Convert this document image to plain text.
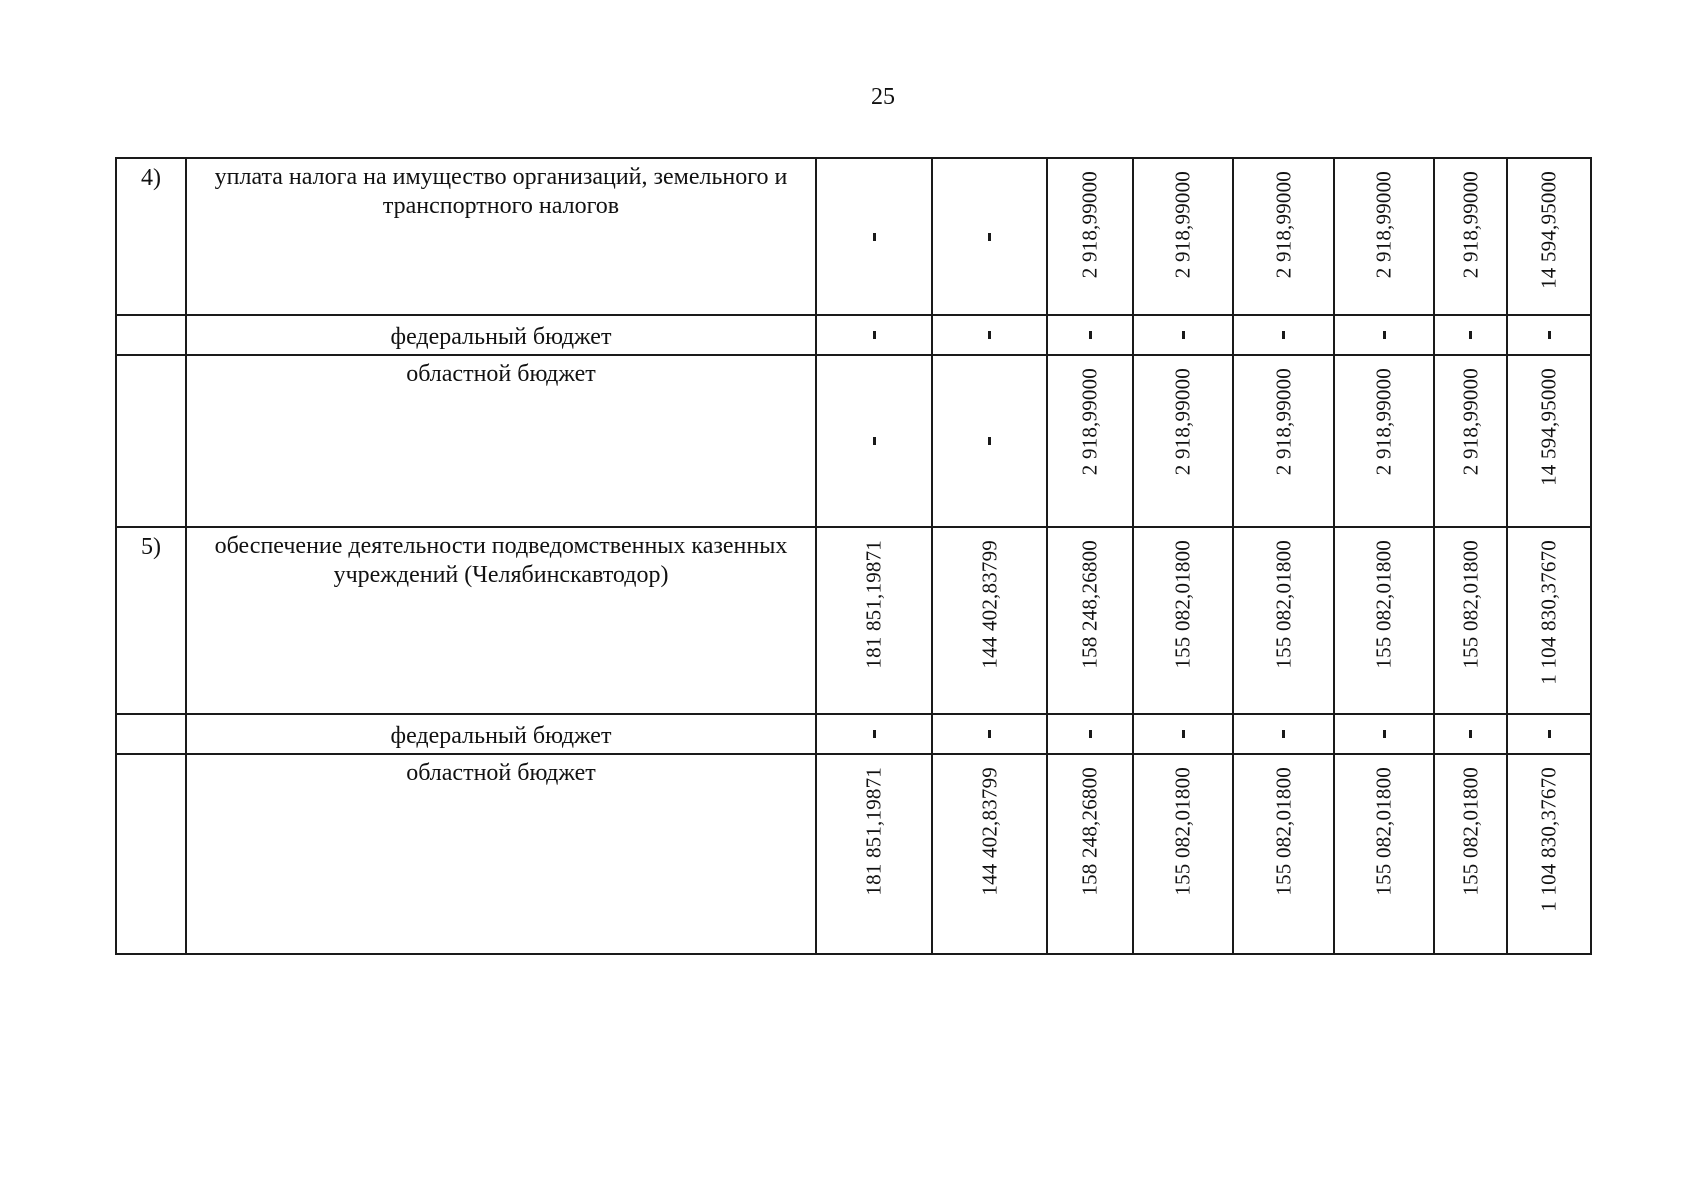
25
4)	уплата налога на имущество организаций, земельного и транспортного налогов			2 918,99000	2 918,99000	2 918,99000	2 918,99000	2 918,99000	14 594,95000

	федеральный бюджет								
	областной бюджет			2 918,99000	2 918,99000	2 918,99000	2 918,99000	2 918,99000	14 594,95000

5)	обеспечение деятельности подведомственных казенных учреждений (Челябинскавтодор)	181 851,19871	144 402,83799	158 248,26800	155 082,01800	155 082,01800	155 082,01800	155 082,01800	1 104 830,37670

	федеральный бюджет								
	областной бюджет	181 851,19871	144 402,83799	158 248,26800	155 082,01800	155 082,01800	155 082,01800	155 082,01800	1 104 830,37670
